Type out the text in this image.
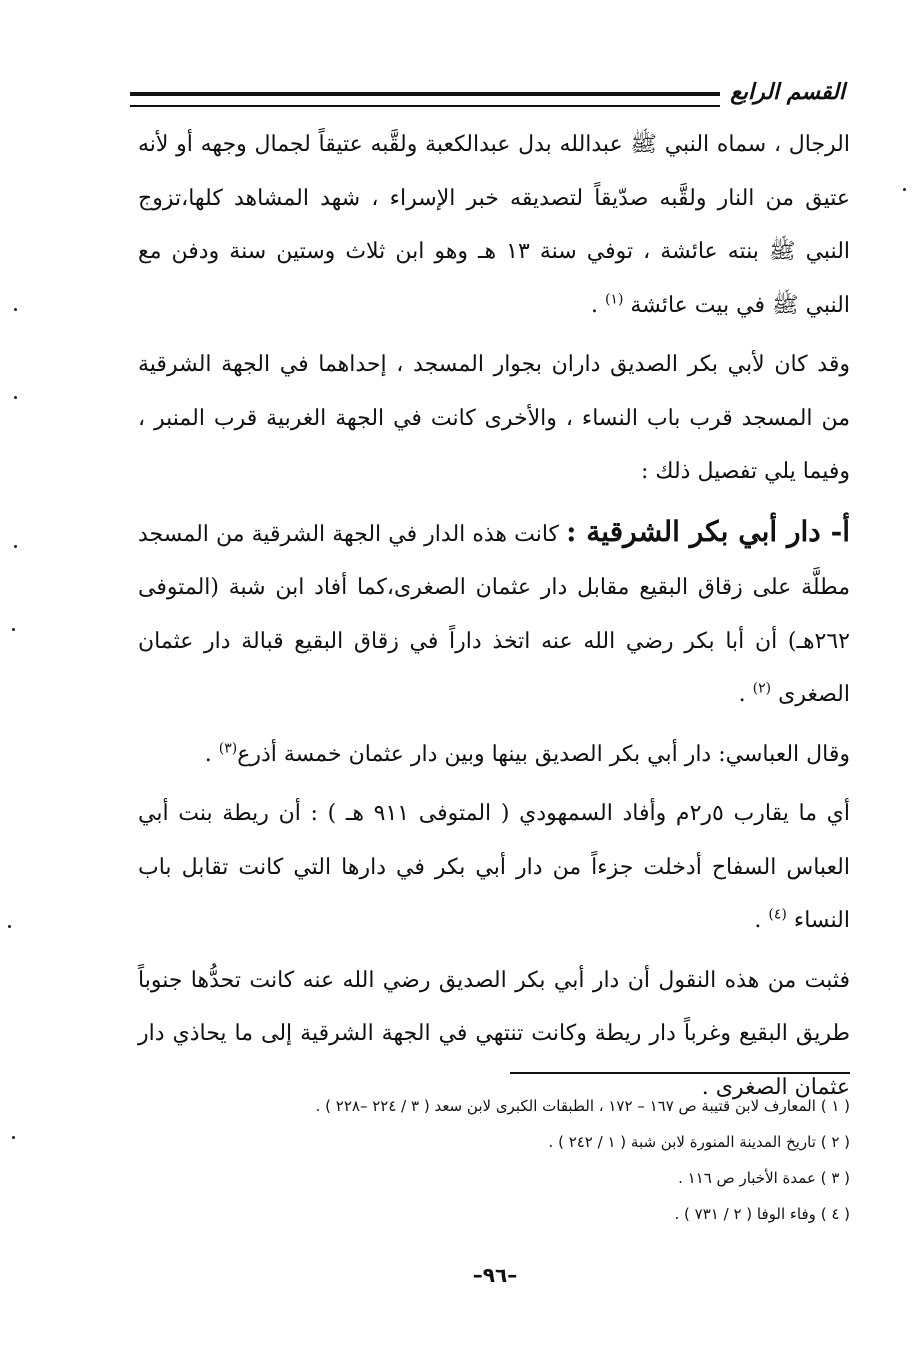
القسم الرابع

الرجال ، سماه النبي ﷺ عبدالله بدل عبدالكعبة ولقَّبه عتيقاً لجمال وجهه أو لأنه عتيق من النار ولقَّبه صدّيقاً لتصديقه خبر الإسراء ، شهد المشاهد كلها،تزوج النبي ﷺ بنته عائشة ، توفي سنة ١٣ هـ وهو ابن ثلاث وستين سنة ودفن مع النبي ﷺ في بيت عائشة $^{(١)}$ .

وقد كان لأبي بكر الصديق داران بجوار المسجد ، إحداهما في الجهة الشرقية من المسجد قرب باب النساء ، والأخرى كانت في الجهة الغربية قرب المنبر ، وفيما يلي تفصيل ذلك :

أ- دار أبي بكر الشرقية : كانت هذه الدار في الجهة الشرقية من المسجد مطلَّة على زقاق البقيع مقابل دار عثمان الصغرى،كما أفاد ابن شبة (المتوفى ٢٦٢هـ) أن أبا بكر رضي الله عنه اتخذ داراً في زقاق البقيع قبالة دار عثمان الصغرى $^{(٢)}$ .

وقال العباسي: دار أبي بكر الصديق بينها وبين دار عثمان خمسة أذرع$^{(٣)}$ .

أي ما يقارب ٥ر٢م وأفاد السمهودي ( المتوفى ٩١١ هـ ) : أن ريطة بنت أبي العباس السفاح أدخلت جزءاً من دار أبي بكر في دارها التي كانت تقابل باب النساء $^{(٤)}$ .

فثبت من هذه النقول أن دار أبي بكر الصديق رضي الله عنه كانت تحدُّها جنوباً طريق البقيع وغرباً دار ريطة وكانت تنتهي في الجهة الشرقية إلى ما يحاذي دار عثمان الصغرى .

( ١ ) المعارف لابن قتيبة ص ١٦٧ – ١٧٢ ، الطبقات الكبرى لابن سعد ( ٣ / ٢٢٤ –٢٢٨ ) .
( ٢ ) تاريخ المدينة المنورة لابن شبة ( ١ / ٢٤٢ ) .
( ٣ ) عمدة الأخبار ص ١١٦ .
( ٤ ) وفاء الوفا ( ٢ / ٧٣١ ) .
–٩٦–
